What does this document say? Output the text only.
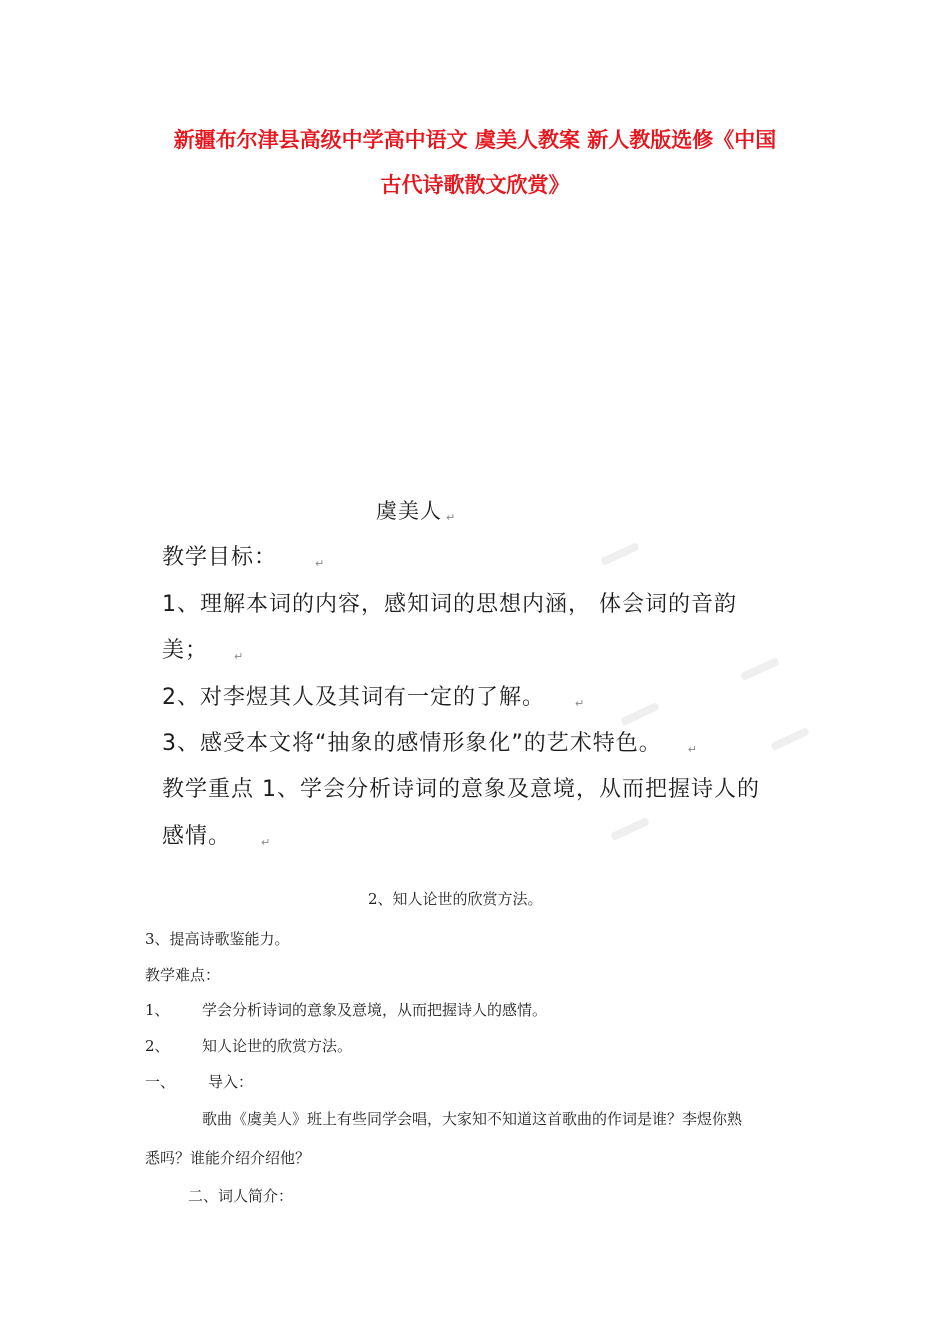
新疆布尔津县高级中学高中语文 虞美人教案 新人教版选修《中国
古代诗歌散文欣赏》
虞美人 ↵
教学目标：	↵
1、理解本词的内容，感知词的思想内涵， 体会词的音韵
美； ↵
2、对李煜其人及其词有一定的了解。	↵
3、感受本文将“抽象的感情形象化”的艺术特色。 ↵
教学重点 1、学会分析诗词的意象及意境，从而把握诗人的
感情。	↵
2、知人论世的欣赏方法。
3、提高诗歌鉴能力。
教学难点：
1、 学会分析诗词的意象及意境，从而把握诗人的感情。
2、 知人论世的欣赏方法。
一、 导入：
歌曲《虞美人》班上有些同学会唱，大家知不知道这首歌曲的作词是谁？李煜你熟
悉吗？谁能介绍介绍他？
二、词人简介：
